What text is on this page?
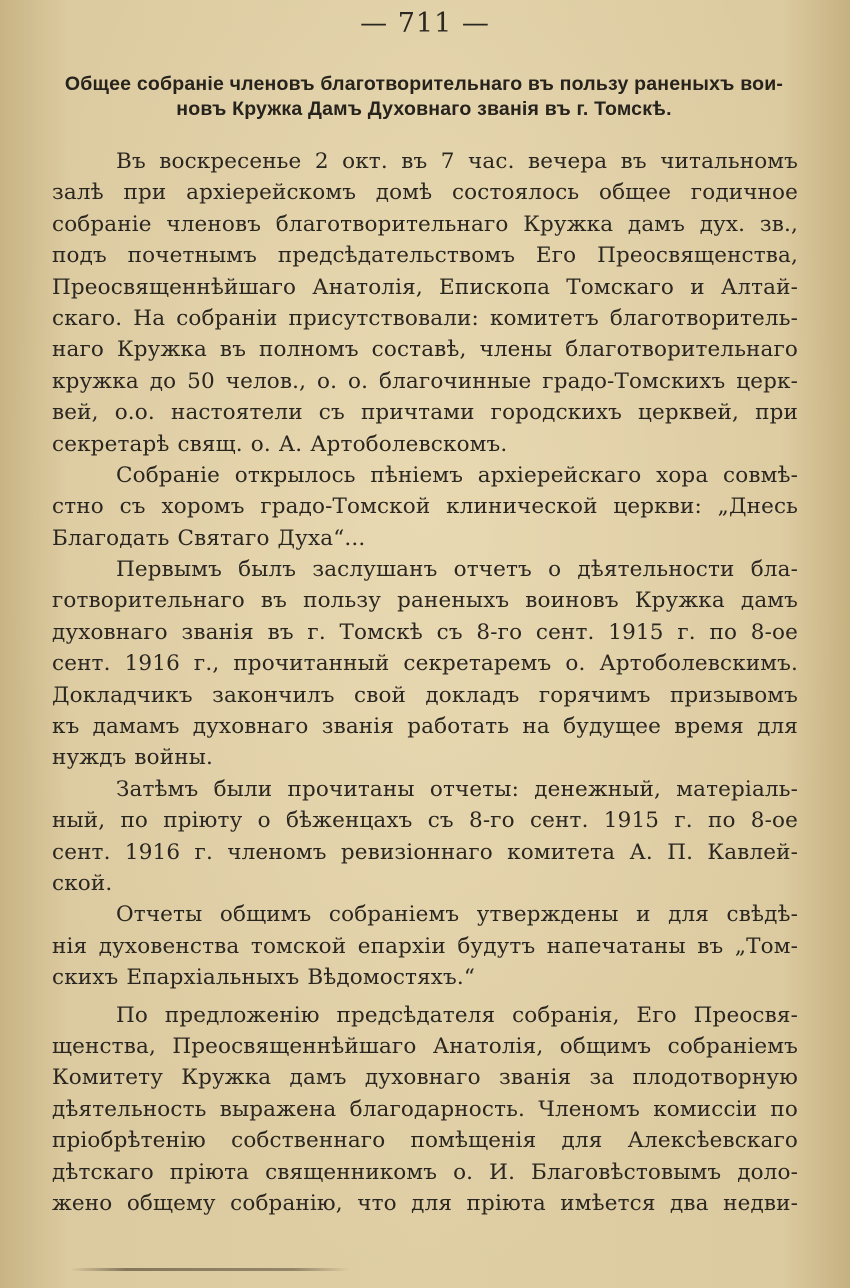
— 711 —
Общее собраніе членовъ благотворительнаго въ пользу раненыхъ вои-
новъ Кружка Дамъ Духовнаго званія въ г. Томскѣ.
Въ воскресенье 2 окт. въ 7 час. вечера въ читальномъ
залѣ при архіерейскомъ домѣ состоялось общее годичное
собраніе членовъ благотворительнаго Кружка дамъ дух. зв.,
подъ почетнымъ предсѣдательствомъ Его Преосвященства,
Преосвященнѣйшаго Анатолія, Епископа Томскаго и Алтай-
скаго. На собраніи присутствовали: комитетъ благотворитель-
наго Кружка въ полномъ составѣ, члены благотворительнаго
кружка до 50 челов., о. о. благочинные градо-Томскихъ церк-
вей, о.о. настоятели съ причтами городскихъ церквей, при
секретарѣ свящ. о. А. Артоболевскомъ.
Собраніе открылось пѣніемъ архіерейскаго хора совмѣ-
стно съ хоромъ градо-Томской клинической церкви: „Днесь
Благодать Святаго Духа“...
Первымъ былъ заслушанъ отчетъ о дѣятельности бла-
готворительнаго въ пользу раненыхъ воиновъ Кружка дамъ
духовнаго званія въ г. Томскѣ съ 8-го сент. 1915 г. по 8-ое
сент. 1916 г., прочитанный секретаремъ о. Артоболевскимъ.
Докладчикъ закончилъ свой докладъ горячимъ призывомъ
къ дамамъ духовнаго званія работать на будущее время для
нуждъ войны.
Затѣмъ были прочитаны отчеты: денежный, матеріаль-
ный, по пріюту о бѣженцахъ съ 8-го сент. 1915 г. по 8-ое
сент. 1916 г. членомъ ревизіоннаго комитета А. П. Кавлей-
ской.
Отчеты общимъ собраніемъ утверждены и для свѣдѣ-
нія духовенства томской епархіи будутъ напечатаны въ „Том-
скихъ Епархіальныхъ Вѣдомостяхъ.“
По предложенію предсѣдателя собранія, Его Преосвя-
щенства, Преосвященнѣйшаго Анатолія, общимъ собраніемъ
Комитету Кружка дамъ духовнаго званія за плодотворную
дѣятельность выражена благодарность. Членомъ комиссіи по
пріобрѣтенію собственнаго помѣщенія для Алексѣевскаго
дѣтскаго пріюта священникомъ о. И. Благовѣстовымъ доло-
жено общему собранію, что для пріюта имѣется два недви-
